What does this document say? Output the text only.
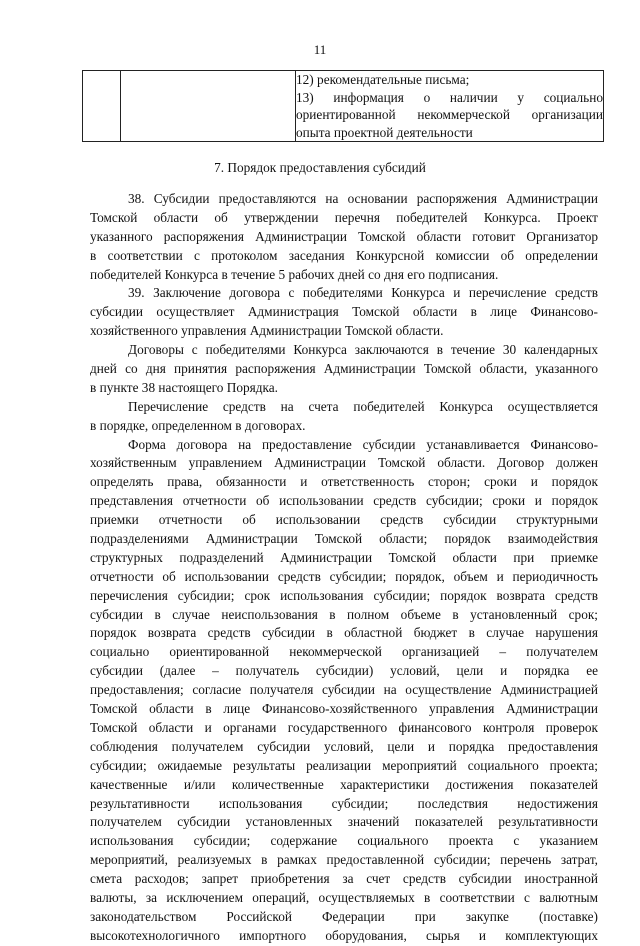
11

12) рекомендательные письма;
13) информация о наличии у социально
ориентированной некоммерческой организации
опыта проектной деятельности
7. Порядок предоставления субсидий
38. Субсидии предоставляются на основании распоряжения Администрации
Томской области об утверждении перечня победителей Конкурса. Проект
указанного распоряжения Администрации Томской области готовит Организатор
в соответствии с протоколом заседания Конкурсной комиссии об определении
победителей Конкурса в течение 5 рабочих дней со дня его подписания.
39. Заключение договора с победителями Конкурса и перечисление средств
субсидии осуществляет Администрация Томской области в лице Финансово-
хозяйственного управления Администрации Томской области.
Договоры с победителями Конкурса заключаются в течение 30 календарных
дней со дня принятия распоряжения Администрации Томской области, указанного
в пункте 38 настоящего Порядка.
Перечисление средств на счета победителей Конкурса осуществляется
в порядке, определенном в договорах.
Форма договора на предоставление субсидии устанавливается Финансово-
хозяйственным управлением Администрации Томской области. Договор должен
определять права, обязанности и ответственность сторон; сроки и порядок
представления отчетности об использовании средств субсидии; сроки и порядок
приемки отчетности об использовании средств субсидии структурными
подразделениями Администрации Томской области; порядок взаимодействия
структурных подразделений Администрации Томской области при приемке
отчетности об использовании средств субсидии; порядок, объем и периодичность
перечисления субсидии; срок использования субсидии; порядок возврата средств
субсидии в случае неиспользования в полном объеме в установленный срок;
порядок возврата средств субсидии в областной бюджет в случае нарушения
социально ориентированной некоммерческой организацией – получателем
субсидии (далее – получатель субсидии) условий, цели и порядка ее
предоставления; согласие получателя субсидии на осуществление Администрацией
Томской области в лице Финансово-хозяйственного управления Администрации
Томской области и органами государственного финансового контроля проверок
соблюдения получателем субсидии условий, цели и порядка предоставления
субсидии; ожидаемые результаты реализации мероприятий социального проекта;
качественные и/или количественные характеристики достижения показателей
результативности использования субсидии; последствия недостижения
получателем субсидии установленных значений показателей результативности
использования субсидии; содержание социального проекта с указанием
мероприятий, реализуемых в рамках предоставленной субсидии; перечень затрат,
смета расходов; запрет приобретения за счет средств субсидии иностранной
валюты, за исключением операций, осуществляемых в соответствии с валютным
законодательством Российской Федерации при закупке (поставке)
высокотехнологичного импортного оборудования, сырья и комплектующих
